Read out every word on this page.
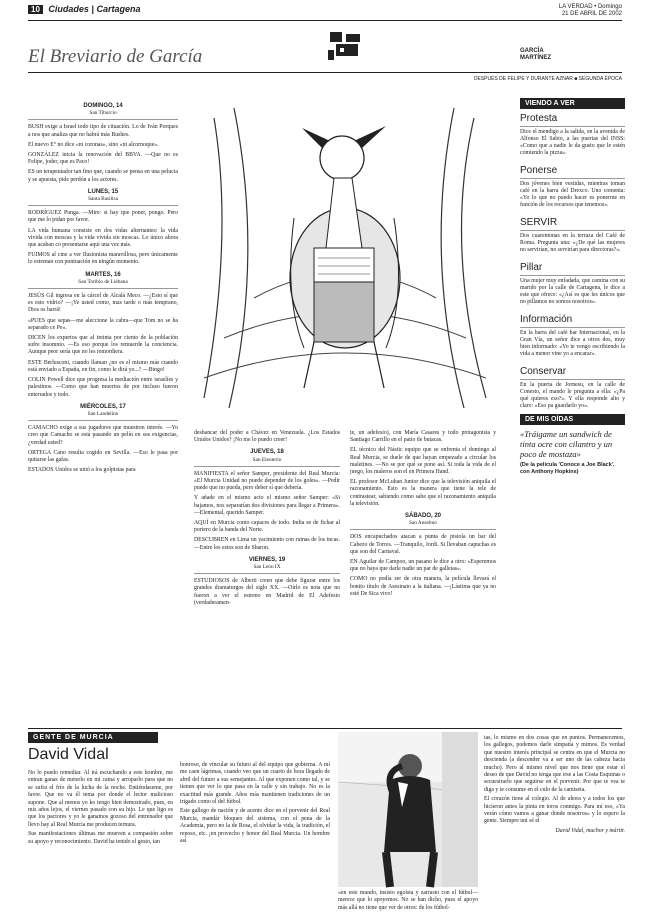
10 Ciudades | Cartagena	LA VERDAD • Domingo
21 DE ABRIL DE 2002
El Breviario de García	GARCÍA
MARTÍNEZ
DESPUÉS DE FELIPE Y DURANTE AZNAR ■ SEGUNDA ÉPOCA
DOMINGO, 14
San Tiburcio

BUSH exige a Israel todo tipo de cituación. Lo de Iván Porques a nos que analiza que no habrá más Bushes.

El nuevo E° no dice «ni coronas», sino «ni alcornoque».

GONZÁLEZ inicia la renovación del BBVA. —Que no es Felipe, joder, que es Paco!

ES un terapeutador tan fino que, cuando se pensa en una pelucia y se apuesta, pide perdón a los actores.

LUNES, 15
Santa Basilisa

RODRÍGUEZ Punga. —Mire: si hay que poner, pongo. Pero que me lo pidan por favor.

LA vida humana consiste en dos vidas alternantes: la vida vivida con moscas y la vida vivida sin moscas. Lo único ahora que acaban co presentarse aquí una vez más.

FUIMOS al cine a ver Ilusionista maravillosa, pero únicamente lo estrenan con puntuación en ningún momento.

MARTES, 16
San Toribio de Liébana

JESÚS Gil ingresa en la cárcel de Alcalá Meco. —¿Esto sí que es esto vidrio? —¡Ye usted como, mas tarde o más temprano, Dios os barrá!

«PUES que sepas—me aleccione la cabra—que Tom no se ha separado ce Pe».

DICEN los expertos que al treinta por ciento de la población sufre insomnio. —Es eso porque los remuerde la conciencia. Aunque peor sería que no les remordiera.

ESTE Berlusconi, cuando llaman ¿no es el mismo más cuando está enviado a España, en fin, como le dirá yo...? —Bingo!

COLIN Powell dice que progresa la mediación entre israelíes y palestinos. —Como que han muertos de por incluso fueron enterrados y todo.

MIÉRCOLES, 17
San Landelino

CAMACHO exige a sus jugadores que muestren interés. —Yo creo que Camacho se está pasando un pelín en sus exigencias, ¿verdad usted?

ORTEGA Cano resulta cogido en Sevilla. —Eso le pasa por quitarse las gafas.

ESTADOS Unidos se unió a los golpistas para

deshancar del poder a Chávez en Venezuela. ¿Los Estados Unidos Unidos? ¡No me lo puedo creer!

JUEVES, 18
San Eleuterio

MANIFIESTA el señor Samper, presidente del Real Murcia: «El Murcia Unidad no puede depender de los goles». —Pedir puede que no pueda, pero deber sí que debería.

Y añade en el mismo acto el mismo señor Samper: «Si bajamos, nos separarían dos divisiones para llegar a Primera». —Elemental, querido Samper.

AQUÍ en Murcia como capaces de todo. India se de fichar al portero de la banda del Norte.

DESCUBREN en Lima un yacimiento con ruinas de los incas. —Entre los estos son de Sharon.

VIERNES, 19
San León IX

ESTUDIOSOS de Alberti creen que debe figurar entre los grandes dramaturgos del siglo XX. —Oírlo es nota que no fueron a ver el estreno en Madrid de El Adefesio (verdaderamen-

te, un adefesio), con María Casares y todo protagonista y Santiago Carrillo en el patio de butacas.

EL técnico del Nástic equipo que se enfrenta el domingo al Real Murcia, se duele de que hayan empezado a circular los maletines. —No se por qué se pone así. Si toda la vida de el juego, los maleros son el en Primera Hand.

EL profesor McLuhan Junior dice que la televisión aniquila el razonamiento. Esto es la manera que tiene la tele de contrastear, sabiendo como sabe que el razonamiento aniquila la televisión.

SÁBADO, 20
San Anselmo

DOS encapuchados atacan a punta de pistola un bar del Cabezo de Torres. —Tranquilo, Jordi. Si llevaban capuchas es que son del Carnaval.

EN Aguilar de Campoo, un pasano le dice a otro: «Esperemos que no haya que darle nadie un par de galletas».

COMO no podía ser de otra manera, la película llevará el bonito título de Asesinato a la italiana. —¡Lástima que ya no esté De Sica vivo!

VIENDO A VER
Protesta

Dice el mendigo a la salida, en la avenida de Alfonso El Sabio, a las puertas del INSS: «Como que a nadie le da gusto que le estén comiendo la pizza».

Ponerse

Dos jóvenes bien vestidas, mientras toman café en la barra del Drexco. Uno comenta: «Yo lo que no puedo hacer es ponerme en función de los recursos que tenemos».

SERVIR

Dos cuarentonas en la terraza del Café de Roma. Pregunta una: «¿De qué las mujeres no servirían, no servirían para directoras?».

Pillar

Una mujer muy enfadada, que camina con su marido por la calle de Cartagena, le dice a este que ofrece: «¿Así es que les únicos que no pillamos no somos nosotros».

Información

En la barra del café bar Internacional, en la Gran Vía, un señor dice a otros dos, muy bien informado: «Yo te vengo escribiendo la vida a menor vine yo a encarar».

Conservar

En la puerta de Jornesu, en la calle de Conesto, el mando le pregunta a ella: «¿Pa qué quieres eso?». Y ella responde alto y claro: «Eso pa guardarlo yo».

DE MIS OÍDAS
«Tráigame un sandwich de tinta ocre con cilantro y un poco de mostaza»
(De la película 'Conoce a Joe Black', con Anthony Hopkins)
GENTE DE MURCIA
David Vidal

No lo puedo remediar. Al irá escuchando a este hombre, me entran ganas de meterlo en mi cama y arroparlo para que no se sufra el frío de la lucha de la noche. Entiéndaseme, por favor. Que no va él tema por donde el lector malicioso supone. Que al menos yo ko tengo bien demostrado, pues, en mis años lejos, el viernes pasado con su hijo. Le que ligo es que los pactores y yo le ganamos gozoso del entrenador que llevo hay al Real Murcia me producen ternura.

Sus manifestaciones últimas me mueven a compasión sobre su apoyo y reconocimiento. David ha tenido el gesto, tan

honroso, de vincular su futuro al del equipo que gobierna. A mí me caen lágrimas, cuando veo que un cuarto de hora llegado de abril del futuro a sus semejantes. Al que exponen como tal, y se tienen que ver lo que pasa en la calle y sin trabajo. No es la exactitud más grande. Años más mantienen tradiciones de un trigado como el del fútbol.

Este gallego de nación y de acento dice en el porvenir del Real Murcia, mandár bloqueo del sistema, con el pena de la Academia, pero no la de Rosa, el olvidar la vida, la tradición, el reposo, etc. ¡en provecho y honor del Real Murcia. Un hombre así

«en este mundo, insisto egoísta y zarrasto con el fútbol—merece que lo apoyemos. No se han dicho, pues el apoyo más allá no tiene que ver de otros: de los fútbol-

tas, lo mismo en dos cosas que en puntos. Permanecemos, los gallegos, podemos darle simpatía y mimos. Es verdad que nuestro interés principal se centra en que el Murcia no descienda (a descender va a ser uno de las cabeza hacia mucho). Pero al mismo nivel que nos tiene que estar el deseo de que David no tenga que irse a las Costa Esquinas o secuestrarlo que seguirse en el porvenir. Por que te vea te diga y te consume en el culo de la camiseta.

El corazón tiene al colegio. Al de ahora y a todos los que hicieron antes la pinta en toros conmigo. Para mí eso, «Ya verán cómo vamos a ganar donde nosotros» y lo espero la gente. Siempre uni sé el

David Vidal, muchor y mártir.
